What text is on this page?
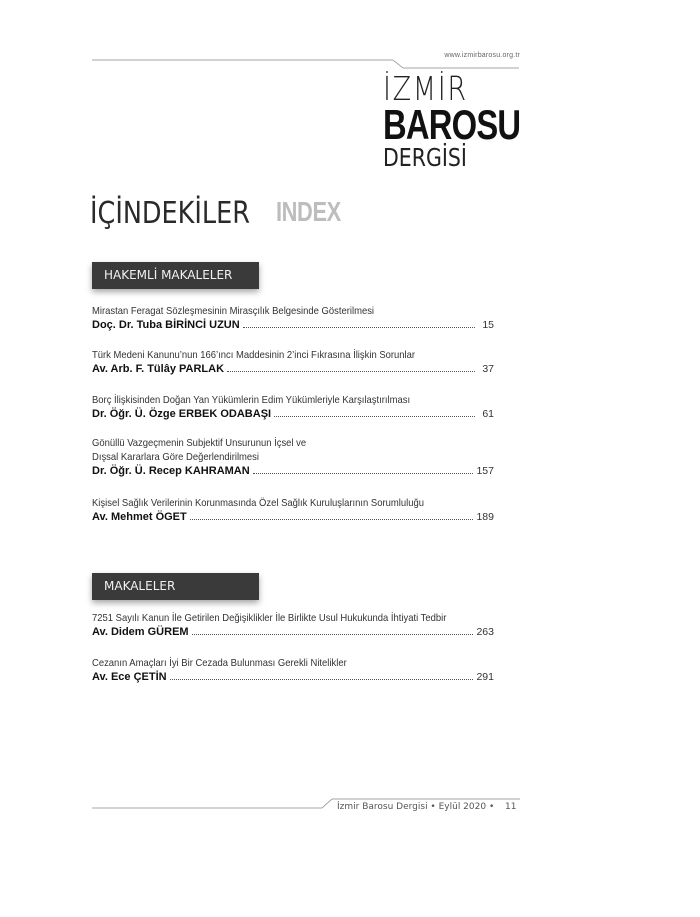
www.izmirbarosu.org.tr
İZMİR
BAROSU
DERGİSİ
İÇİNDEKİLER INDEX
HAKEMLİ MAKALELER
Mirastan Feragat Sözleşmesinin Mirasçılık Belgesinde Gösterilmesi
Doç. Dr. Tuba BİRİNCİ UZUN	15
Türk Medeni Kanunu’nun 166’ıncı Maddesinin 2’inci Fıkrasına İlişkin Sorunlar
Av. Arb. F. Tülây PARLAK	37
Borç İlişkisinden Doğan Yan Yükümlerin Edim Yükümleriyle Karşılaştırılması
Dr. Öğr. Ü. Özge ERBEK ODABAŞI	61
Gönüllü Vazgeçmenin Subjektif Unsurunun İçsel ve
Dışsal Kararlara Göre Değerlendirilmesi
Dr. Öğr. Ü. Recep KAHRAMAN	157
Kişisel Sağlık Verilerinin Korunmasında Özel Sağlık Kuruluşlarının Sorumluluğu
Av. Mehmet ÖGET	189
MAKALELER
7251 Sayılı Kanun İle Getirilen Değişiklikler İle Birlikte Usul Hukukunda İhtiyati Tedbir
Av. Didem GÜREM	263
Cezanın Amaçları İyi Bir Cezada Bulunması Gerekli Nitelikler
Av. Ece ÇETİN	291
İzmir Barosu Dergisi • Eylül 2020 • 11
